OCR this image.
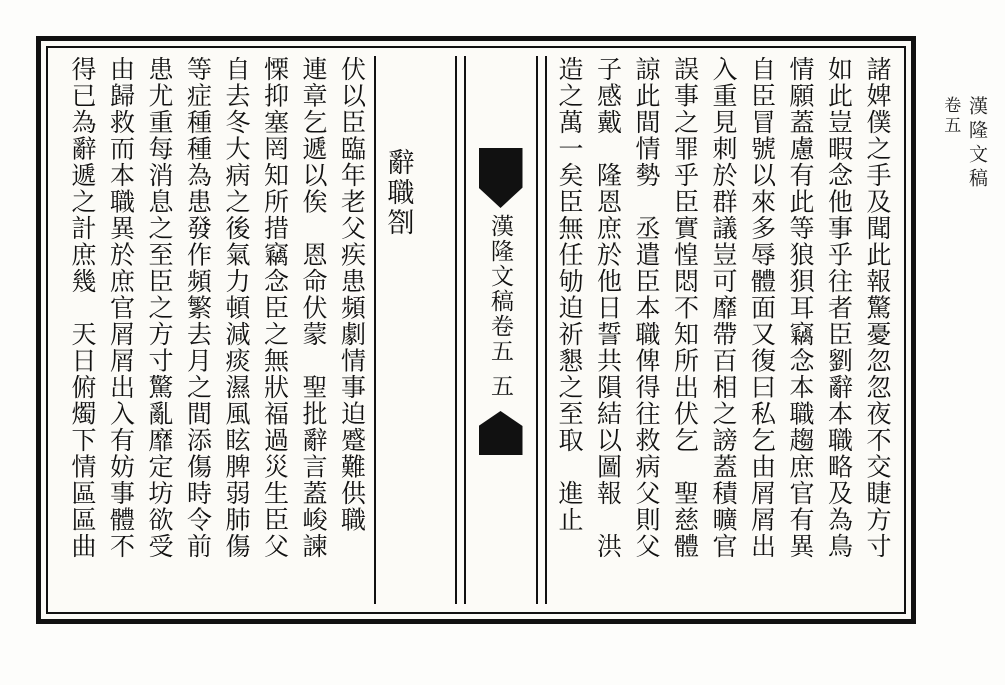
卷五 漢隆文稿
諸婢僕之手及聞此報驚憂忽忽夜不交睫方寸
如此豈暇念他事乎往者臣劉辭本職略及為鳥
情願蓋慮有此等狼狽耳竊念本職趨庶官有異
自臣冒號以來多辱體面又復曰私乞由屑屑出
入重見刺於群議豈可靡帶百相之謗蓋積曠官
誤事之罪乎臣實惶悶不知所出伏乞　聖慈體
諒此間情勢　丞遣臣本職俾得往救病父則父
子感戴　隆恩庶於他日誓共隕結以圖報　洪
造之萬一矣臣無任劬迫祈懇之至取　進止
漢隆文稿卷五
五
辭職劄
伏以臣臨年老父疾患頻劇情事迫蹙難供職
連章乞遞以俟　恩命伏蒙　聖批辭言蓋峻諫
慄抑塞罔知所措竊念臣之無狀福過災生臣父
自去冬大病之後氣力頓減痰濕風眩脾弱肺傷
等症種種為患發作頻繁去月之間添傷時令前
患尤重每消息之至臣之方寸驚亂靡定坊欲受
由歸救而本職異於庶官屑屑出入有妨事體不
得已為辭遞之計庶幾　天日俯燭下情區區曲
